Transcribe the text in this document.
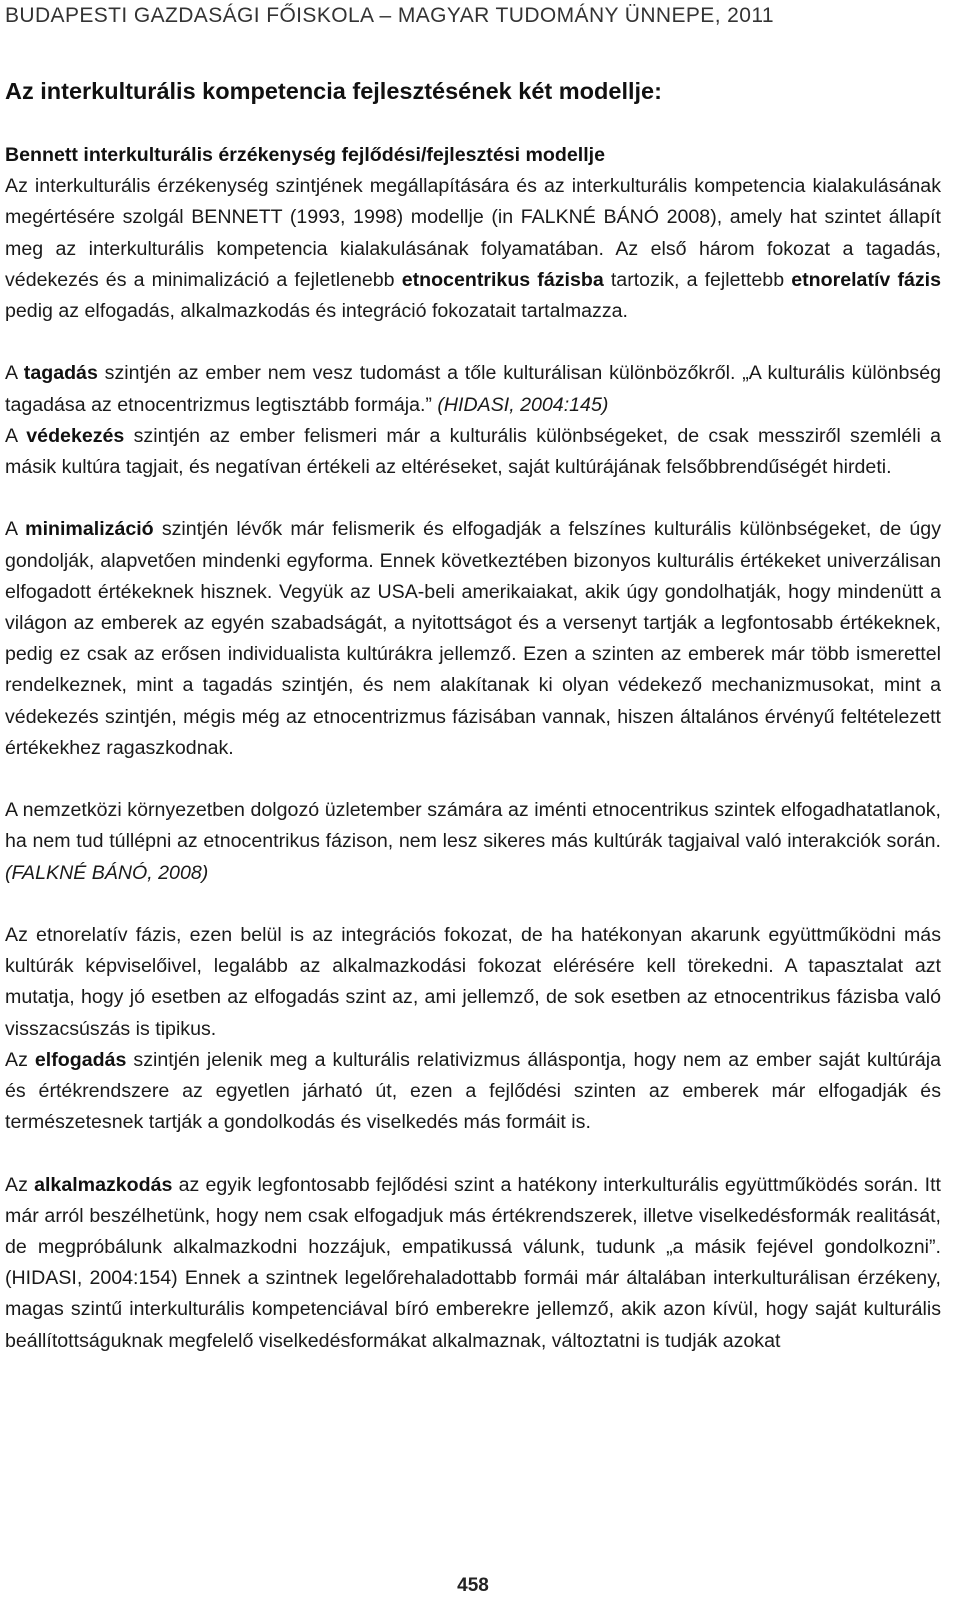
BUDAPESTI GAZDASÁGI FŐISKOLA – MAGYAR TUDOMÁNY ÜNNEPE, 2011
Az interkulturális kompetencia fejlesztésének két modellje:

Bennett interkulturális érzékenység fejlődési/fejlesztési modellje
Az interkulturális érzékenység szintjének megállapítására és az interkulturális kompetencia kialakulásának megértésére szolgál BENNETT (1993, 1998) modellje (in FALKNÉ BÁNÓ 2008), amely hat szintet állapít meg az interkulturális kompetencia kialakulásának folyamatában. Az első három fokozat a tagadás, védekezés és a minimalizáció a fejletlenebb etnocentrikus fázisba tartozik, a fejlettebb etnorelatív fázis pedig az elfogadás, alkalmazkodás és integráció fokozatait tartalmazza.

A tagadás szintjén az ember nem vesz tudomást a tőle kulturálisan különbözőkről. „A kulturális különbség tagadása az etnocentrizmus legtisztább formája.” (HIDASI, 2004:145)

A védekezés szintjén az ember felismeri már a kulturális különbségeket, de csak messziről szemléli a másik kultúra tagjait, és negatívan értékeli az eltéréseket, saját kultúrájának felsőbbrendűségét hirdeti.

A minimalizáció szintjén lévők már felismerik és elfogadják a felszínes kulturális különbségeket, de úgy gondolják, alapvetően mindenki egyforma. Ennek következtében bizonyos kulturális értékeket univerzálisan elfogadott értékeknek hisznek. Vegyük az USA-beli amerikaiakat, akik úgy gondolhatják, hogy mindenütt a világon az emberek az egyén szabadságát, a nyitottságot és a versenyt tartják a legfontosabb értékeknek, pedig ez csak az erősen individualista kultúrákra jellemző. Ezen a szinten az emberek már több ismerettel rendelkeznek, mint a tagadás szintjén, és nem alakítanak ki olyan védekező mechanizmusokat, mint a védekezés szintjén, mégis még az etnocentrizmus fázisában vannak, hiszen általános érvényű feltételezett értékekhez ragaszkodnak.

A nemzetközi környezetben dolgozó üzletember számára az iménti etnocentrikus szintek elfogadhatatlanok, ha nem tud túllépni az etnocentrikus fázison, nem lesz sikeres más kultúrák tagjaival való interakciók során. (FALKNÉ BÁNÓ, 2008)

Az etnorelatív fázis, ezen belül is az integrációs fokozat, de ha hatékonyan akarunk együttműködni más kultúrák képviselőivel, legalább az alkalmazkodási fokozat elérésére kell törekedni. A tapasztalat azt mutatja, hogy jó esetben az elfogadás szint az, ami jellemző, de sok esetben az etnocentrikus fázisba való visszacsúszás is tipikus.

Az elfogadás szintjén jelenik meg a kulturális relativizmus álláspontja, hogy nem az ember saját kultúrája és értékrendszere az egyetlen járható út, ezen a fejlődési szinten az emberek már elfogadják és természetesnek tartják a gondolkodás és viselkedés más formáit is.

Az alkalmazkodás az egyik legfontosabb fejlődési szint a hatékony interkulturális együttműködés során. Itt már arról beszélhetünk, hogy nem csak elfogadjuk más értékrendszerek, illetve viselkedésformák realitását, de megpróbálunk alkalmazkodni hozzájuk, empatikussá válunk, tudunk „a másik fejével gondolkozni”. (HIDASI, 2004:154) Ennek a szintnek legelőrehaladottabb formái már általában interkulturálisan érzékeny, magas szintű interkulturális kompetenciával bíró emberekre jellemző, akik azon kívül, hogy saját kulturális beállítottságuknak megfelelő viselkedésformákat alkalmaznak, változtatni is tudják azokat

458
